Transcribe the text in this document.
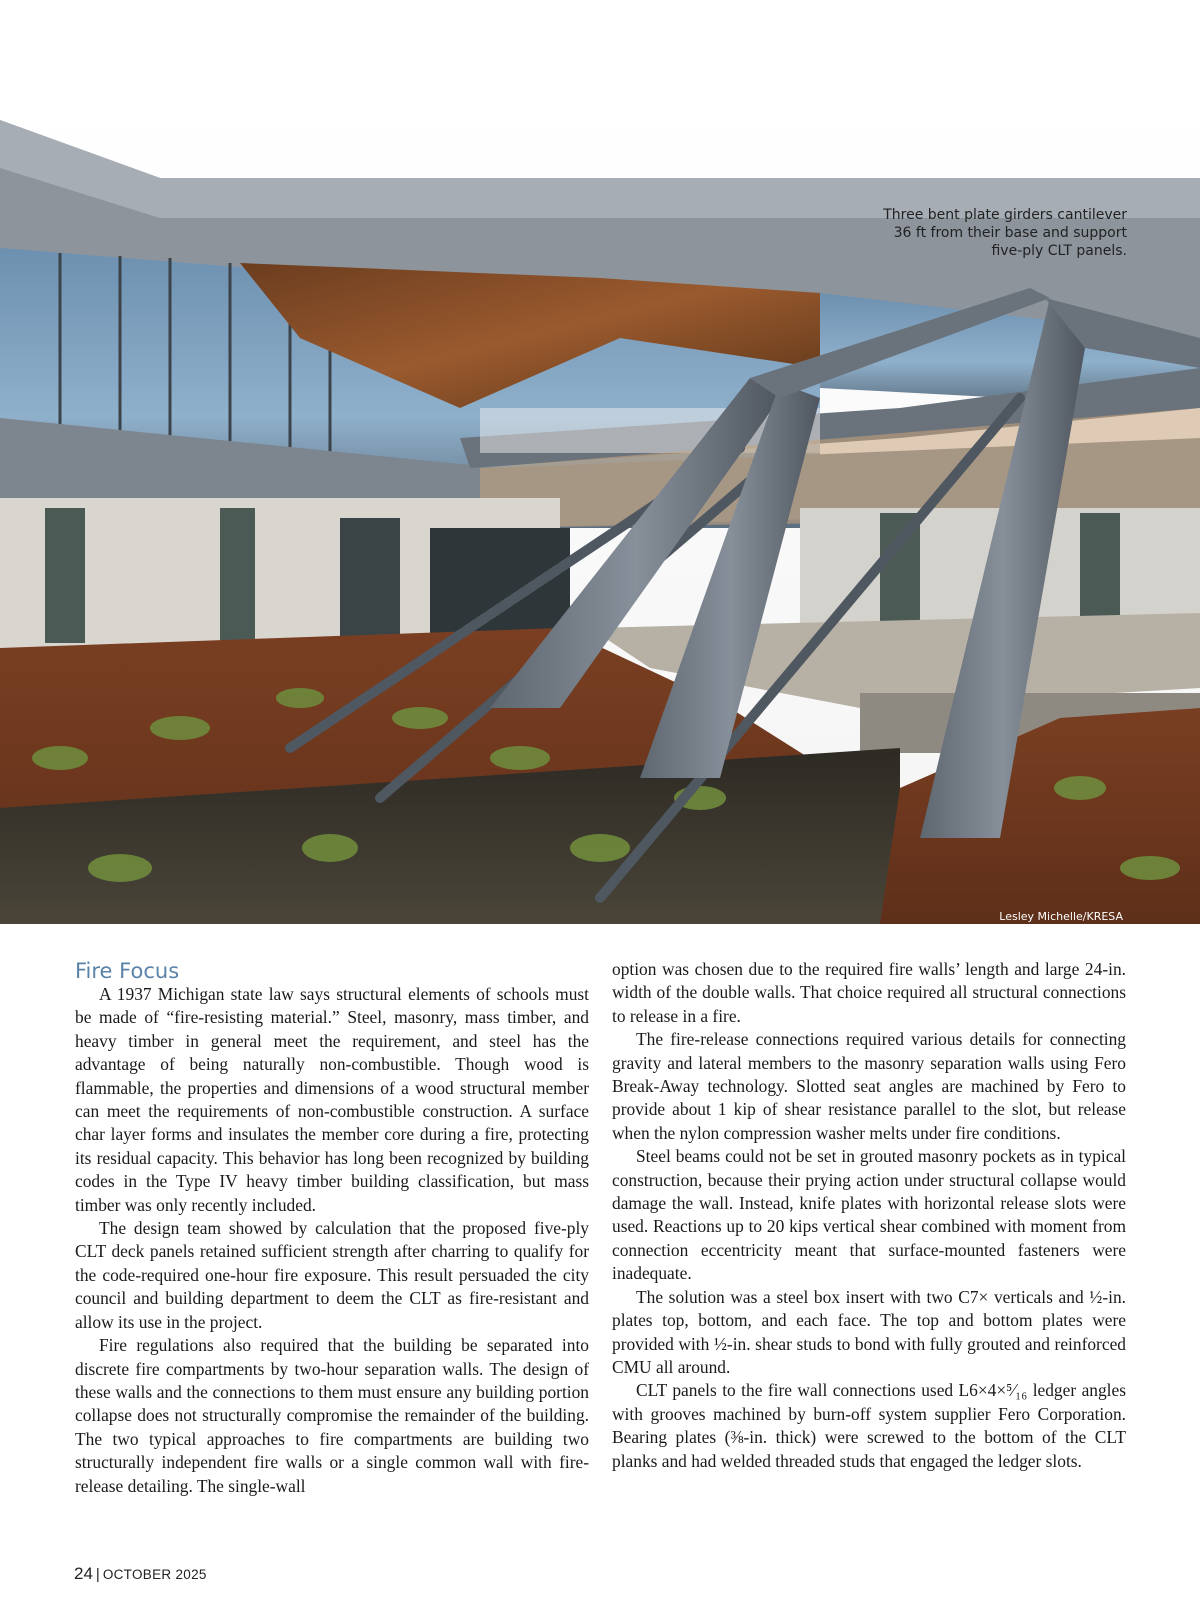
Three bent plate girders cantilever
36 ft from their base and support
five-ply CLT panels.
Lesley Michelle/KRESA
Fire Focus

A 1937 Michigan state law says structural elements of schools must be made of “fire-resisting material.” Steel, masonry, mass timber, and heavy timber in general meet the requirement, and steel has the advantage of being naturally non-combustible. Though wood is flammable, the properties and dimensions of a wood structural member can meet the requirements of non-combustible construction. A surface char layer forms and insulates the member core during a fire, protecting its residual capacity. This behavior has long been recognized by building codes in the Type IV heavy timber building classification, but mass timber was only recently included.

The design team showed by calculation that the proposed five-ply CLT deck panels retained sufficient strength after charring to qualify for the code-required one-hour fire exposure. This result persuaded the city council and building department to deem the CLT as fire-resistant and allow its use in the project.

Fire regulations also required that the building be separated into discrete fire compartments by two-hour separation walls. The design of these walls and the connections to them must ensure any building portion collapse does not structurally compromise the remainder of the building. The two typical approaches to fire compartments are building two structurally independent fire walls or a single common wall with fire-release detailing. The single-wall

option was chosen due to the required fire walls’ length and large 24-in. width of the double walls. That choice required all structural connections to release in a fire.

The fire-release connections required various details for connecting gravity and lateral members to the masonry separation walls using Fero Break-Away technology. Slotted seat angles are machined by Fero to provide about 1 kip of shear resistance parallel to the slot, but release when the nylon compression washer melts under fire conditions.

Steel beams could not be set in grouted masonry pockets as in typical construction, because their prying action under structural collapse would damage the wall. Instead, knife plates with horizontal release slots were used. Reactions up to 20 kips vertical shear combined with moment from connection eccentricity meant that surface-mounted fasteners were inadequate.

The solution was a steel box insert with two C7× verticals and ½-in. plates top, bottom, and each face. The top and bottom plates were provided with ½-in. shear studs to bond with fully grouted and reinforced CMU all around.

CLT panels to the fire wall connections used L6×4×⁵⁄₁₆ ledger angles with grooves machined by burn-off system supplier Fero Corporation. Bearing plates (⅜-in. thick) were screwed to the bottom of the CLT planks and had welded threaded studs that engaged the ledger slots.

24 | OCTOBER 2025
